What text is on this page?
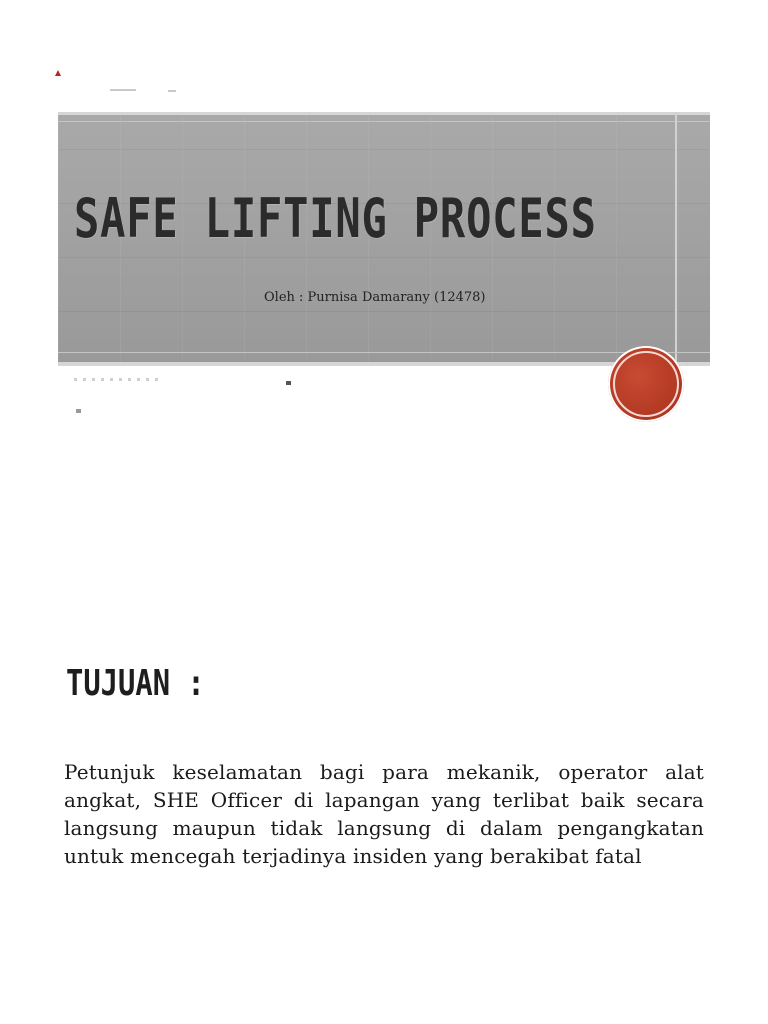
SAFE LIFTING PROCESS

Oleh : Purnisa Damarany (12478)

TUJUAN :

Petunjuk keselamatan bagi para mekanik, operator alat angkat, SHE Officer di lapangan yang terlibat baik secara langsung maupun tidak langsung di dalam pengangkatan untuk mencegah terjadinya insiden yang berakibat fatal
